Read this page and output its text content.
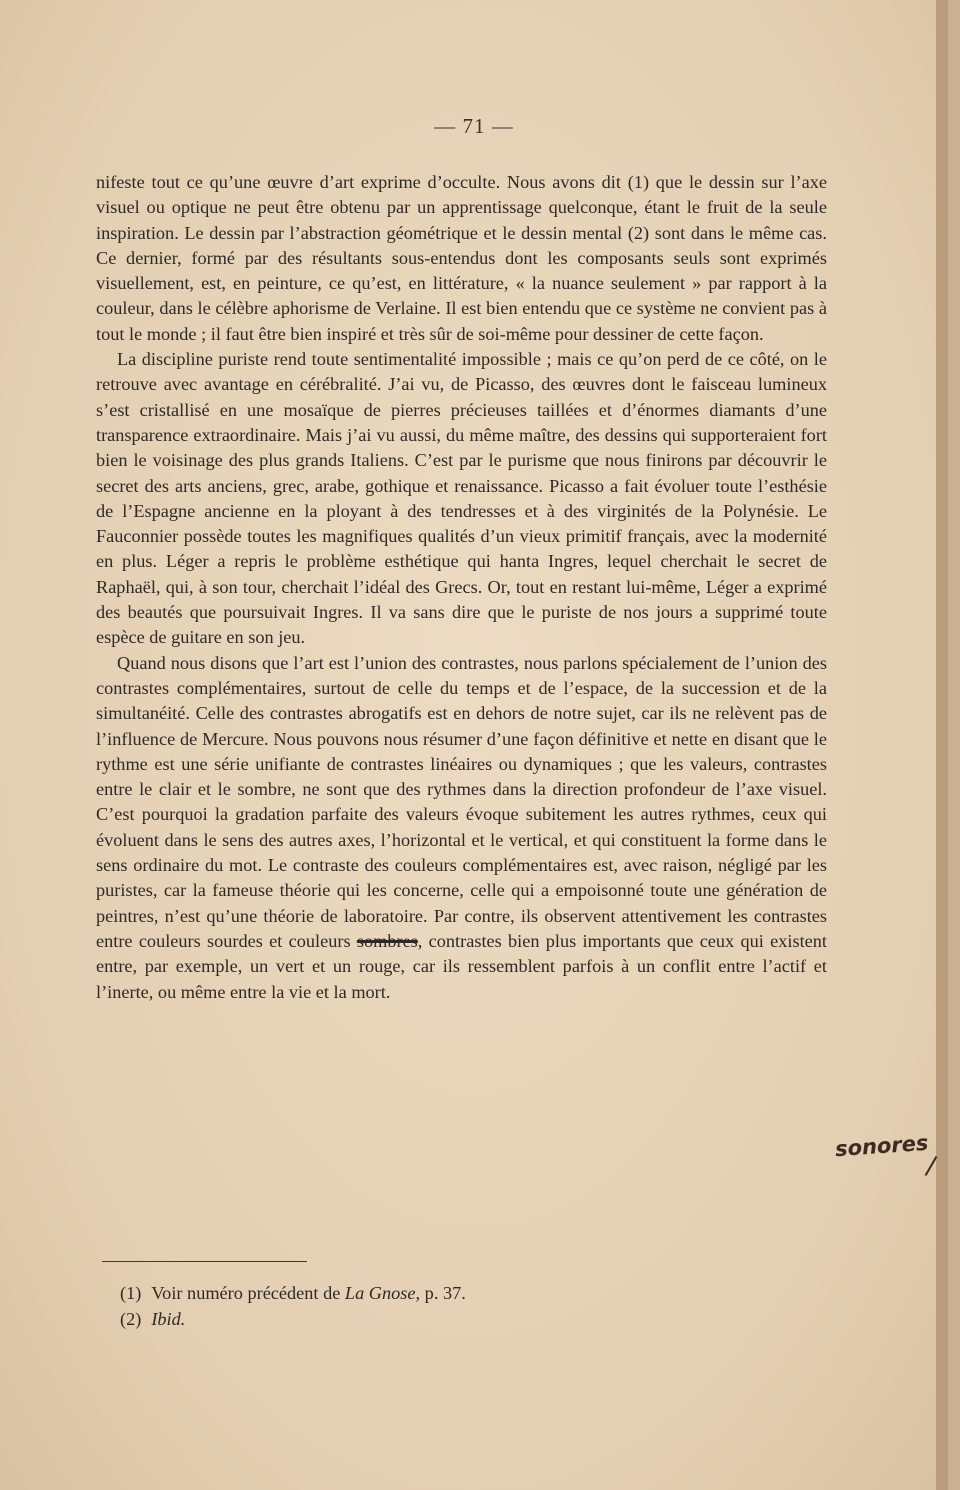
— 71 —

nifeste tout ce qu’une œuvre d’art exprime d’occulte. Nous avons dit (1) que le dessin sur l’axe visuel ou optique ne peut être obtenu par un apprentissage quelconque, étant le fruit de la seule inspiration. Le dessin par l’abstraction géométrique et le dessin mental (2) sont dans le même cas. Ce dernier, formé par des résultants sous-entendus dont les composants seuls sont exprimés visuellement, est, en peinture, ce qu’est, en littérature, « la nuance seulement » par rapport à la couleur, dans le célèbre aphorisme de Verlaine. Il est bien entendu que ce système ne convient pas à tout le monde ; il faut être bien inspiré et très sûr de soi-même pour dessiner de cette façon.

La discipline puriste rend toute sentimentalité impossible ; mais ce qu’on perd de ce côté, on le retrouve avec avantage en cérébralité. J’ai vu, de Picasso, des œuvres dont le faisceau lumineux s’est cristallisé en une mosaïque de pierres précieuses taillées et d’énormes diamants d’une transparence extraordinaire. Mais j’ai vu aussi, du même maître, des dessins qui supporteraient fort bien le voisinage des plus grands Italiens. C’est par le purisme que nous finirons par découvrir le secret des arts anciens, grec, arabe, gothique et renaissance. Picasso a fait évoluer toute l’esthésie de l’Espagne ancienne en la ployant à des tendresses et à des virginités de la Polynésie. Le Fauconnier possède toutes les magnifiques qualités d’un vieux primitif français, avec la modernité en plus. Léger a repris le problème esthétique qui hanta Ingres, lequel cherchait le secret de Raphaël, qui, à son tour, cherchait l’idéal des Grecs. Or, tout en restant lui-même, Léger a exprimé des beautés que poursuivait Ingres. Il va sans dire que le puriste de nos jours a supprimé toute espèce de guitare en son jeu.

Quand nous disons que l’art est l’union des contrastes, nous parlons spécialement de l’union des contrastes complémentaires, surtout de celle du temps et de l’espace, de la succession et de la simultanéité. Celle des contrastes abrogatifs est en dehors de notre sujet, car ils ne relèvent pas de l’influence de Mercure. Nous pouvons nous résumer d’une façon définitive et nette en disant que le rythme est une série unifiante de contrastes linéaires ou dynamiques ; que les valeurs, contrastes entre le clair et le sombre, ne sont que des rythmes dans la direction profondeur de l’axe visuel. C’est pourquoi la gradation parfaite des valeurs évoque subitement les autres rythmes, ceux qui évoluent dans le sens des autres axes, l’horizontal et le vertical, et qui constituent la forme dans le sens ordinaire du mot. Le contraste des couleurs complémentaires est, avec raison, négligé par les puristes, car la fameuse théorie qui les concerne, celle qui a empoisonné toute une génération de peintres, n’est qu’une théorie de laboratoire. Par contre, ils observent attentivement les contrastes entre couleurs sourdes et couleurs sombres, contrastes bien plus importants que ceux qui existent entre, par exemple, un vert et un rouge, car ils ressemblent parfois à un conflit entre l’actif et l’inerte, ou même entre la vie et la mort.

sonores
(1) Voir numéro précédent de La Gnose, p. 37.
(2) Ibid.
